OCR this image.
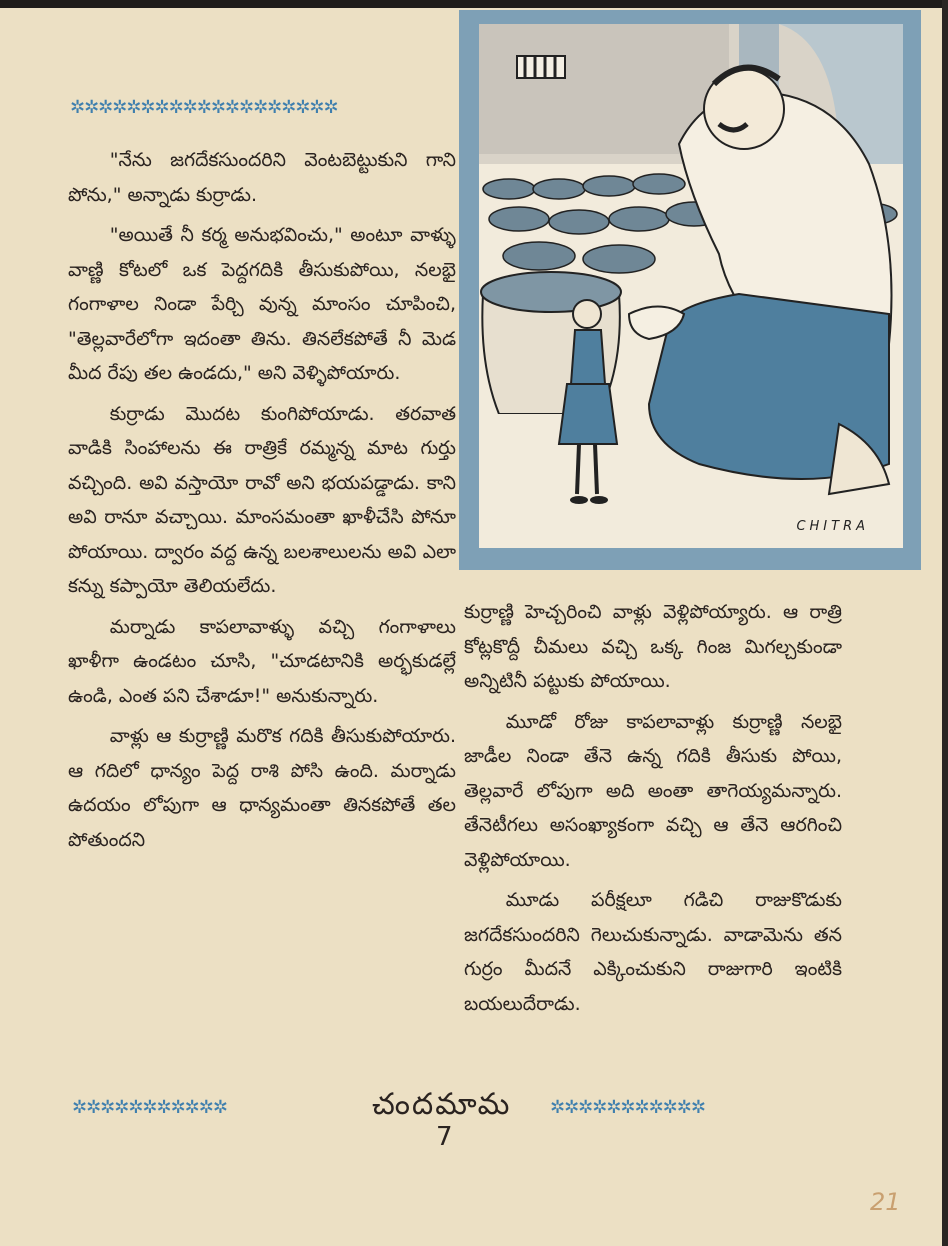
✲✲✲✲✲✲✲✲✲✲✲✲✲✲✲✲✲✲✲

"నేను జగదేకసుందరిని వెంటబెట్టుకుని గాని పోను," అన్నాడు కుర్రాడు.

"అయితే నీ కర్మ అనుభవించు," అంటూ వాళ్ళు వాణ్ణి కోటలో ఒక పెద్దగదికి తీసుకుపోయి, నలభై గంగాళాల నిండా పేర్చి వున్న మాంసం చూపించి, "తెల్లవారేలోగా ఇదంతా తిను. తినలేకపోతే నీ మెడ మీద రేపు తల ఉండదు," అని వెళ్ళిపోయారు.

కుర్రాడు మొదట కుంగిపోయాడు. తరవాత వాడికి సింహాలను ఈ రాత్రికే రమ్మన్న మాట గుర్తు వచ్చింది. అవి వస్తాయో రావో అని భయపడ్డాడు. కాని అవి రానూ వచ్చాయి. మాంసమంతా ఖాళీచేసి పోనూ పోయాయి. ద్వారం వద్ద ఉన్న బలశాలులను అవి ఎలా కన్ను కప్పాయో తెలియలేదు.

మర్నాడు కాపలావాళ్ళు వచ్చి గంగాళాలు ఖాళీగా ఉండటం చూసి, "చూడటానికి అర్భకుడల్లే ఉండి, ఎంత పని చేశాడూ!" అనుకున్నారు.

వాళ్లు ఆ కుర్రాణ్ణి మరొక గదికి తీసుకుపోయారు. ఆ గదిలో ధాన్యం పెద్ద రాశి పోసి ఉంది. మర్నాడు ఉదయం లోపుగా ఆ ధాన్యమంతా తినకపోతే తల పోతుందని

CHITRA

కుర్రాణ్ణి హెచ్చరించి వాళ్లు వెళ్లిపోయ్యారు. ఆ రాత్రి కోట్లకొద్దీ చీమలు వచ్చి ఒక్క గింజ మిగల్చకుండా అన్నిటినీ పట్టుకు పోయాయి.

మూడో రోజు కాపలావాళ్లు కుర్రాణ్ణి నలభై జాడీల నిండా తేనె ఉన్న గదికి తీసుకు పోయి, తెల్లవారే లోపుగా అది అంతా తాగెయ్యమన్నారు. తేనెటీగలు అసంఖ్యాకంగా వచ్చి ఆ తేనె ఆరగించి వెళ్లిపోయాయి.

మూడు పరీక్షలూ గడిచి రాజుకొడుకు జగదేకసుందరిని గెలుచుకున్నాడు. వాడామెను తన గుర్రం మీదనే ఎక్కించుకుని రాజుగారి ఇంటికి బయలుదేరాడు.

✲✲✲✲✲✲✲✲✲✲✲	చందమామ ✲✲✲✲✲✲✲✲✲✲✲
7
21
